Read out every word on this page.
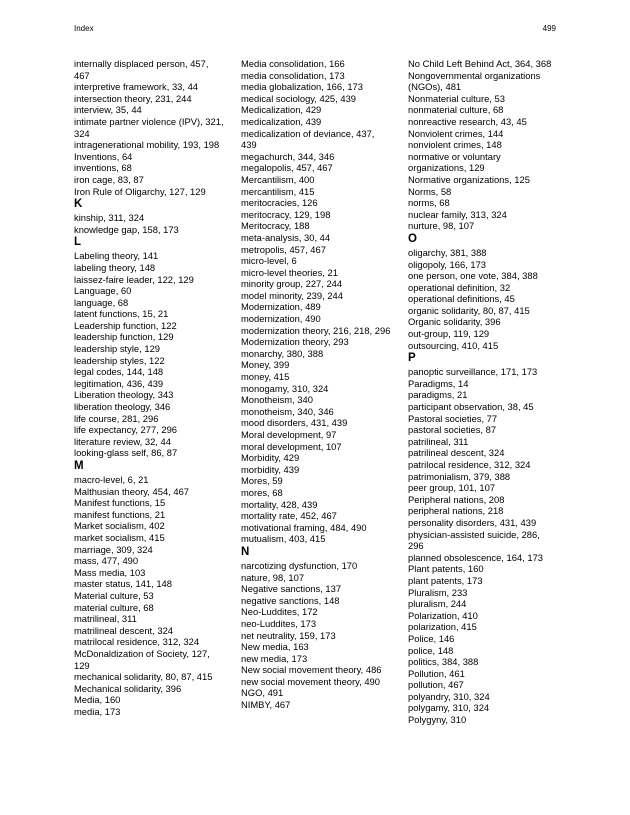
Index	499
internally displaced person, 457, 467
interpretive framework, 33, 44
intersection theory, 231, 244
interview, 35, 44
intimate partner violence (IPV), 321, 324
intragenerational mobility, 193, 198
Inventions, 64
inventions, 68
iron cage, 83, 87
Iron Rule of Oligarchy, 127, 129
K
kinship, 311, 324
knowledge gap, 158, 173
L
Labeling theory, 141
labeling theory, 148
laissez-faire leader, 122, 129
Language, 60
language, 68
latent functions, 15, 21
Leadership function, 122
leadership function, 129
leadership style, 129
leadership styles, 122
legal codes, 144, 148
legitimation, 436, 439
Liberation theology, 343
liberation theology, 346
life course, 281, 296
life expectancy, 277, 296
literature review, 32, 44
looking-glass self, 86, 87
M
macro-level, 6, 21
Malthusian theory, 454, 467
Manifest functions, 15
manifest functions, 21
Market socialism, 402
market socialism, 415
marriage, 309, 324
mass, 477, 490
Mass media, 103
master status, 141, 148
Material culture, 53
material culture, 68
matrilineal, 311
matrilineal descent, 324
matrilocal residence, 312, 324
McDonaldization of Society, 127, 129
mechanical solidarity, 80, 87, 415
Mechanical solidarity, 396
Media, 160
media, 173
Media consolidation, 166
media consolidation, 173
media globalization, 166, 173
medical sociology, 425, 439
Medicalization, 429
medicalization, 439
medicalization of deviance, 437, 439
megachurch, 344, 346
megalopolis, 457, 467
Mercantilism, 400
mercantilism, 415
meritocracies, 126
meritocracy, 129, 198
Meritocracy, 188
meta-analysis, 30, 44
metropolis, 457, 467
micro-level, 6
micro-level theories, 21
minority group, 227, 244
model minority, 239, 244
Modernization, 489
modernization, 490
modernization theory, 216, 218, 296
Modernization theory, 293
monarchy, 380, 388
Money, 399
money, 415
monogamy, 310, 324
Monotheism, 340
monotheism, 340, 346
mood disorders, 431, 439
Moral development, 97
moral development, 107
Morbidity, 429
morbidity, 439
Mores, 59
mores, 68
mortality, 428, 439
mortality rate, 452, 467
motivational framing, 484, 490
mutualism, 403, 415
N
narcotizing dysfunction, 170
nature, 98, 107
Negative sanctions, 137
negative sanctions, 148
Neo-Luddites, 172
neo-Luddites, 173
net neutrality, 159, 173
New media, 163
new media, 173
New social movement theory, 486
new social movement theory, 490
NGO, 491
NIMBY, 467
No Child Left Behind Act, 364, 368
Nongovernmental organizations (NGOs), 481
Nonmaterial culture, 53
nonmaterial culture, 68
nonreactive research, 43, 45
Nonviolent crimes, 144
nonviolent crimes, 148
normative or voluntary organizations, 129
Normative organizations, 125
Norms, 58
norms, 68
nuclear family, 313, 324
nurture, 98, 107
O
oligarchy, 381, 388
oligopoly, 166, 173
one person, one vote, 384, 388
operational definition, 32
operational definitions, 45
organic solidarity, 80, 87, 415
Organic solidarity, 396
out-group, 119, 129
outsourcing, 410, 415
P
panoptic surveillance, 171, 173
Paradigms, 14
paradigms, 21
participant observation, 38, 45
Pastoral societies, 77
pastoral societies, 87
patrilineal, 311
patrilineal descent, 324
patrilocal residence, 312, 324
patrimonialism, 379, 388
peer group, 101, 107
Peripheral nations, 208
peripheral nations, 218
personality disorders, 431, 439
physician-assisted suicide, 286, 296
planned obsolescence, 164, 173
Plant patents, 160
plant patents, 173
Pluralism, 233
pluralism, 244
Polarization, 410
polarization, 415
Police, 146
police, 148
politics, 384, 388
Pollution, 461
pollution, 467
polyandry, 310, 324
polygamy, 310, 324
Polygyny, 310
